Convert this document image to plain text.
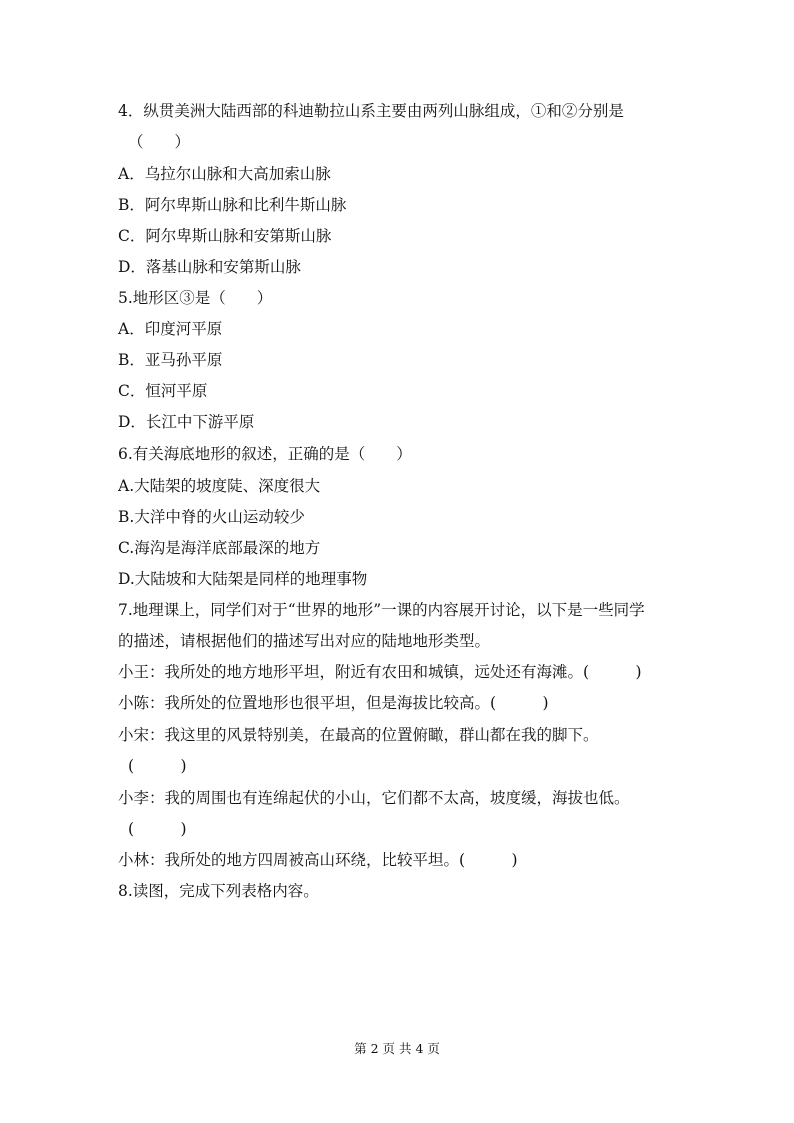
4．纵贯美洲大陆西部的科迪勒拉山系主要由两列山脉组成，①和②分别是
（　　）
A．乌拉尔山脉和大高加索山脉
B．阿尔卑斯山脉和比利牛斯山脉
C．阿尔卑斯山脉和安第斯山脉
D．落基山脉和安第斯山脉
5.地形区③是（　　）
A．印度河平原
B．亚马孙平原
C．恒河平原
D．长江中下游平原
6.有关海底地形的叙述，正确的是（　　）
A.大陆架的坡度陡、深度很大
B.大洋中脊的火山运动较少
C.海沟是海洋底部最深的地方
D.大陆坡和大陆架是同样的地理事物
7.地理课上，同学们对于“世界的地形”一课的内容展开讨论，以下是一些同学
的描述，请根据他们的描述写出对应的陆地地形类型。
小王：我所处的地方地形平坦，附近有农田和城镇，远处还有海滩。(　　　)
小陈：我所处的位置地形也很平坦，但是海拔比较高。(　　　)
小宋：我这里的风景特别美，在最高的位置俯瞰，群山都在我的脚下。
(　　　)
小李：我的周围也有连绵起伏的小山，它们都不太高，坡度缓，海拔也低。
(　　　)
小林：我所处的地方四周被高山环绕，比较平坦。(　　　)
8.读图，完成下列表格内容。
第 2 页 共 4 页
